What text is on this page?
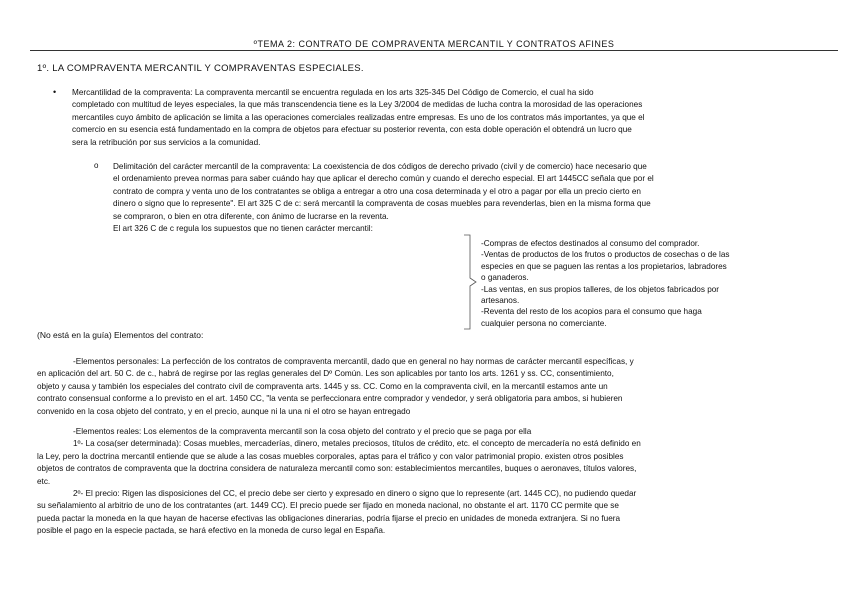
ºTEMA 2: CONTRATO DE COMPRAVENTA MERCANTIL Y CONTRATOS AFINES
1º. LA COMPRAVENTA MERCANTIL Y COMPRAVENTAS ESPECIALES.
• Mercantilidad de la compraventa: La compraventa mercantil se encuentra regulada en los arts 325-345 Del Código de Comercio, el cual ha sido
completado con multitud de leyes especiales, la que más transcendencia tiene es la Ley 3/2004 de medidas de lucha contra la morosidad de las operaciones
mercantiles cuyo ámbito de aplicación se limita a las operaciones comerciales realizadas entre empresas. Es uno de los contratos más importantes, ya que el
comercio en su esencia está fundamentado en la compra de objetos para efectuar su posterior reventa, con esta doble operación el obtendrá un lucro que
sera la retribución por sus servicios a la comunidad.
o Delimitación del carácter mercantil de la compraventa: La coexistencia de dos códigos de derecho privado (civil y de comercio) hace necesario que
el ordenamiento prevea normas para saber cuándo hay que aplicar el derecho común y cuando el derecho especial. El art 1445CC señala que por el
contrato de compra y venta uno de los contratantes se obliga a entregar a otro una cosa determinada y el otro a pagar por ella un precio cierto en
dinero o signo que lo represente". El art 325 C de c: será mercantil la compraventa de cosas muebles para revenderlas, bien en la misma forma que
se compraron, o bien en otra diferente, con ánimo de lucrarse en la reventa.
El art 326 C de c regula los supuestos que no tienen carácter mercantil:
-Compras de efectos destinados al consumo del comprador.
-Ventas de productos de los frutos o productos de cosechas o de las
especies en que se paguen las rentas a los propietarios, labradores
o ganaderos.
-Las ventas, en sus propios talleres, de los objetos fabricados por
artesanos.
-Reventa del resto de los acopios para el consumo que haga
cualquier persona no comerciante.
(No está en la guía) Elementos del contrato:
-Elementos personales: La perfección de los contratos de compraventa mercantil, dado que en general no hay normas de carácter mercantil específicas, y
en aplicación del art. 50 C. de c., habrá de regirse por las reglas generales del Dº Común. Les son aplicables por tanto los arts. 1261 y ss. CC, consentimiento,
objeto y causa y también los especiales del contrato civil de compraventa arts. 1445 y ss. CC. Como en la compraventa civil, en la mercantil estamos ante un
contrato consensual conforme a lo previsto en el art. 1450 CC, "la venta se perfeccionara entre comprador y vendedor, y será obligatoria para ambos, si hubieren
convenido en la cosa objeto del contrato, y en el precio, aunque ni la una ni el otro se hayan entregado
-Elementos reales: Los elementos de la compraventa mercantil son la cosa objeto del contrato y el precio que se paga por ella
1º- La cosa(ser determinada): Cosas muebles, mercaderías, dinero, metales preciosos, títulos de crédito, etc. el concepto de mercadería no está definido en
la Ley, pero la doctrina mercantil entiende que se alude a las cosas muebles corporales, aptas para el tráfico y con valor patrimonial propio. existen otros posibles
objetos de contratos de compraventa que la doctrina considera de naturaleza mercantil como son: establecimientos mercantiles, buques o aeronaves, títulos valores,
etc.
2º- El precio: Rigen las disposiciones del CC, el precio debe ser cierto y expresado en dinero o signo que lo represente (art. 1445 CC), no pudiendo quedar
su señalamiento al arbitrio de uno de los contratantes (art. 1449 CC). El precio puede ser fijado en moneda nacional, no obstante el art. 1170 CC permite que se
pueda pactar la moneda en la que hayan de hacerse efectivas las obligaciones dinerarias, podría fijarse el precio en unidades de moneda extranjera. Si no fuera
posible el pago en la especie pactada, se hará efectivo en la moneda de curso legal en España.
